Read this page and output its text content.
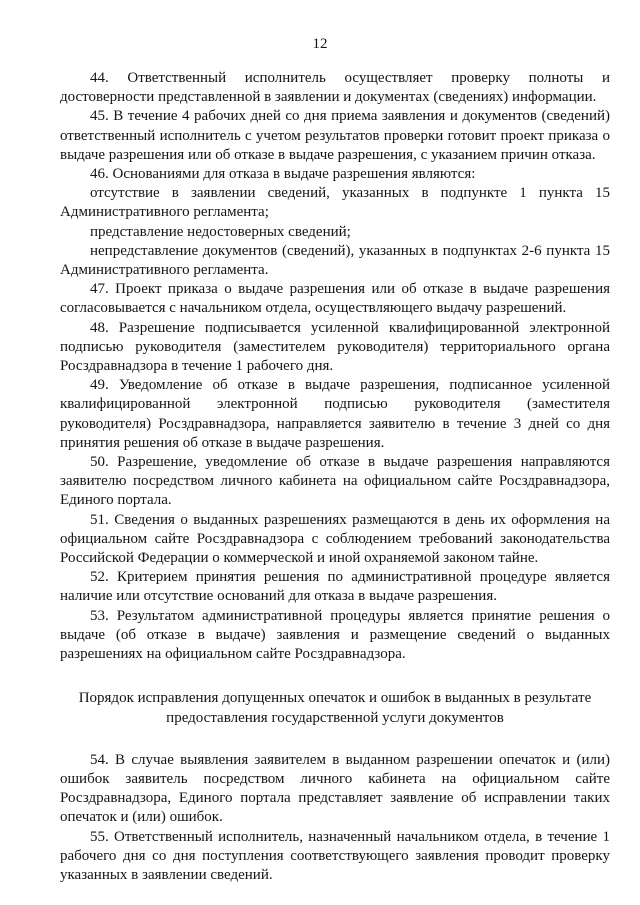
12

44. Ответственный исполнитель осуществляет проверку полноты и достоверности представленной в заявлении и документах (сведениях) информации.

45. В течение 4 рабочих дней со дня приема заявления и документов (сведений) ответственный исполнитель с учетом результатов проверки готовит проект приказа о выдаче разрешения или об отказе в выдаче разрешения, с указанием причин отказа.

46. Основаниями для отказа в выдаче разрешения являются:

отсутствие в заявлении сведений, указанных в подпункте 1 пункта 15 Административного регламента;

представление недостоверных сведений;

непредставление документов (сведений), указанных в подпунктах 2-6 пункта 15 Административного регламента.

47. Проект приказа о выдаче разрешения или об отказе в выдаче разрешения согласовывается с начальником отдела, осуществляющего выдачу разрешений.

48. Разрешение подписывается усиленной квалифицированной электронной подписью руководителя (заместителем руководителя) территориального органа Росздравнадзора в течение 1 рабочего дня.

49. Уведомление об отказе в выдаче разрешения, подписанное усиленной квалифицированной электронной подписью руководителя (заместителя руководителя) Росздравнадзора, направляется заявителю в течение 3 дней со дня принятия решения об отказе в выдаче разрешения.

50. Разрешение, уведомление об отказе в выдаче разрешения направляются заявителю посредством личного кабинета на официальном сайте Росздравнадзора, Единого портала.

51. Сведения о выданных разрешениях размещаются в день их оформления на официальном сайте Росздравнадзора с соблюдением требований законодательства Российской Федерации о коммерческой и иной охраняемой законом тайне.

52. Критерием принятия решения по административной процедуре является наличие или отсутствие оснований для отказа в выдаче разрешения.

53. Результатом административной процедуры является принятие решения о выдаче (об отказе в выдаче) заявления и размещение сведений о выданных разрешениях на официальном сайте Росздравнадзора.

Порядок исправления допущенных опечаток и ошибок в выданных в результате предоставления государственной услуги документов

54. В случае выявления заявителем в выданном разрешении опечаток и (или) ошибок заявитель посредством личного кабинета на официальном сайте Росздравнадзора, Единого портала представляет заявление об исправлении таких опечаток и (или) ошибок.

55. Ответственный исполнитель, назначенный начальником отдела, в течение 1 рабочего дня со дня поступления соответствующего заявления проводит проверку указанных в заявлении сведений.
